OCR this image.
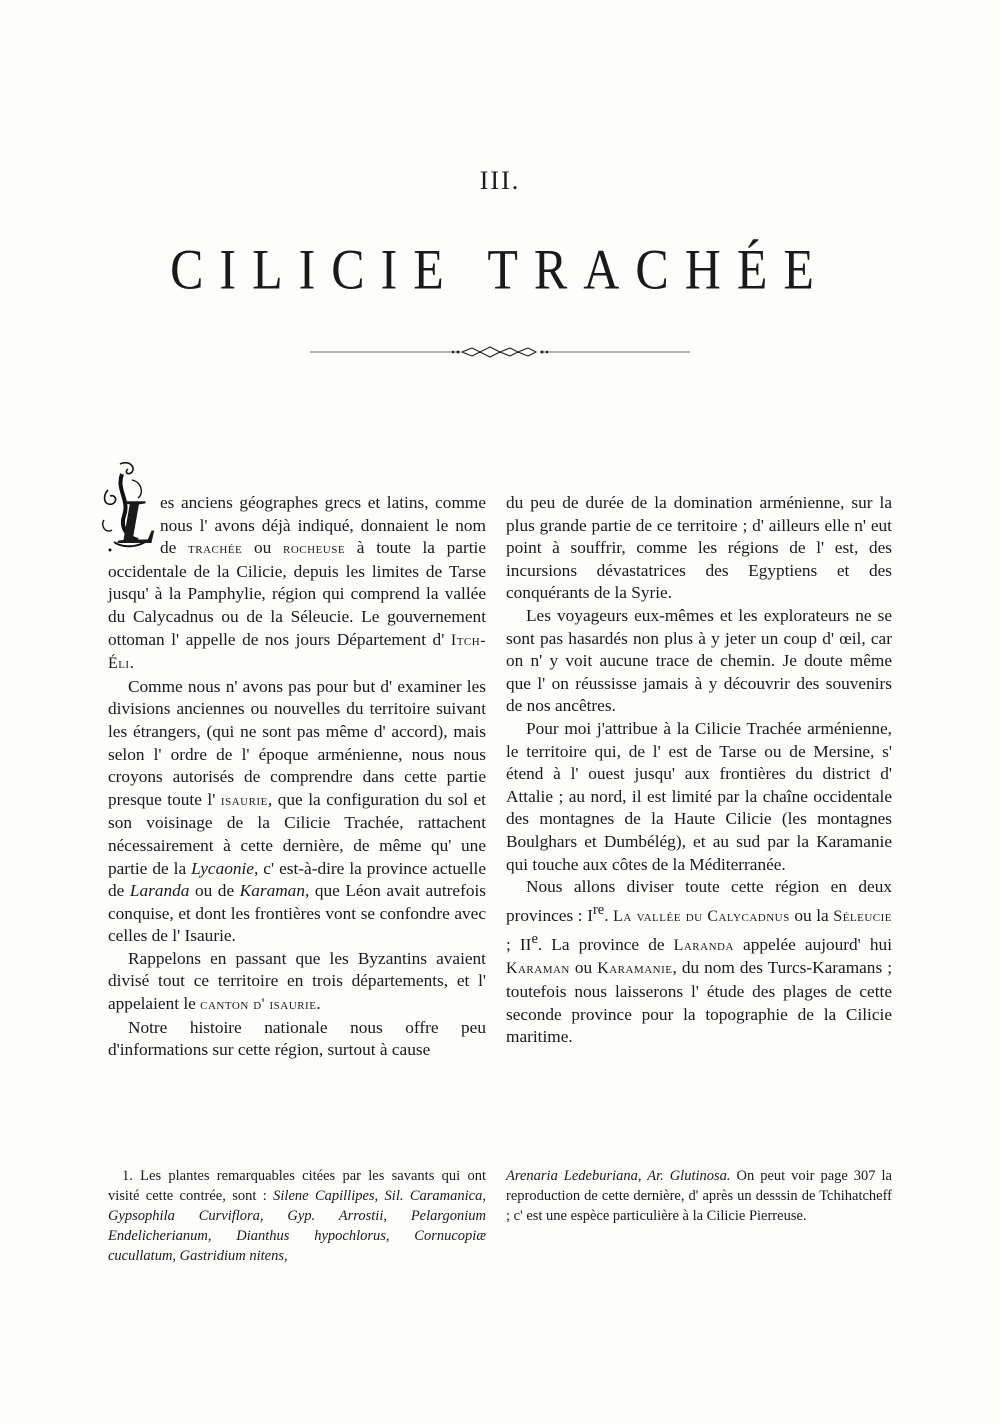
III.
CILICIE TRACHÉE

L es anciens géographes grecs et latins, comme nous l' avons déjà indiqué, donnaient le nom de trachée ou rocheuse à toute la partie occidentale de la Cilicie, depuis les limites de Tarse jusqu' à la Pamphylie, région qui comprend la vallée du Calycadnus ou de la Séleucie. Le gouvernement ottoman l' appelle de nos jours Département d' Itch-Éli.

Comme nous n' avons pas pour but d' examiner les divisions anciennes ou nouvelles du territoire suivant les étrangers, (qui ne sont pas même d' accord), mais selon l' ordre de l' époque arménienne, nous nous croyons autorisés de comprendre dans cette partie presque toute l' isaurie, que la configuration du sol et son voisinage de la Cilicie Trachée, rattachent nécessairement à cette dernière, de même qu' une partie de la Lycaonie, c' est-à-dire la province actuelle de Laranda ou de Karaman, que Léon avait autrefois conquise, et dont les frontières vont se confondre avec celles de l' Isaurie.

Rappelons en passant que les Byzantins avaient divisé tout ce territoire en trois départements, et l' appelaient le canton d' isaurie.

Notre histoire nationale nous offre peu d'informations sur cette région, surtout à cause

du peu de durée de la domination arménienne, sur la plus grande partie de ce territoire ; d' ailleurs elle n' eut point à souffrir, comme les régions de l' est, des incursions dévastatrices des Egyptiens et des conquérants de la Syrie.

Les voyageurs eux-mêmes et les explorateurs ne se sont pas hasardés non plus à y jeter un coup d' œil, car on n' y voit aucune trace de chemin. Je doute même que l' on réussisse jamais à y découvrir des souvenirs de nos ancêtres.

Pour moi j'attribue à la Cilicie Trachée arménienne, le territoire qui, de l' est de Tarse ou de Mersine, s' étend à l' ouest jusqu' aux frontières du district d' Attalie ; au nord, il est limité par la chaîne occidentale des montagnes de la Haute Cilicie (les montagnes Boulghars et Dumbélég), et au sud par la Karamanie qui touche aux côtes de la Méditerranée.

Nous allons diviser toute cette région en deux provinces : Ire. La vallée du Calycadnus ou la Séleucie ; IIe. La province de Laranda appelée aujourd' hui Karaman ou Karamanie, du nom des Turcs-Karamans ; toutefois nous laisserons l' étude des plages de cette seconde province pour la topographie de la Cilicie maritime.

1. Les plantes remarquables citées par les savants qui ont visité cette contrée, sont : Silene Capillipes, Sil. Caramanica, Gypsophila Curviflora, Gyp. Arrostii, Pelargonium Endelicherianum, Dianthus hypochlorus, Cornucopiæ cucullatum, Gastridium nitens,

Arenaria Ledeburiana, Ar. Glutinosa. On peut voir page 307 la reproduction de cette dernière, d' après un desssin de Tchihatcheff ; c' est une espèce particulière à la Cilicie Pierreuse.
